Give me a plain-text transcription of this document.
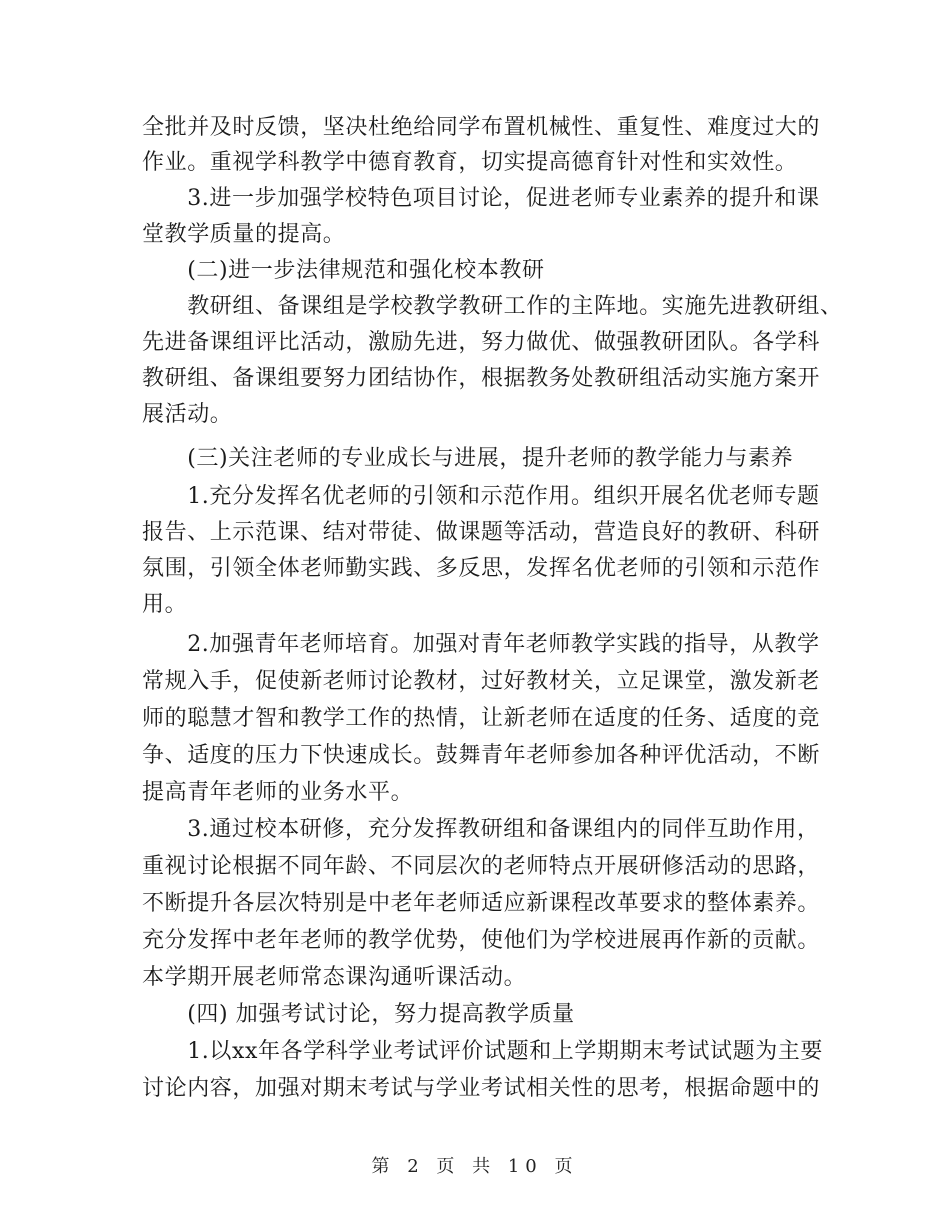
全批并及时反馈，坚决杜绝给同学布置机械性、重复性、难度过大的
作业。重视学科教学中德育教育，切实提高德育针对性和实效性。
　　3.进一步加强学校特色项目讨论，促进老师专业素养的提升和课
堂教学质量的提高。
　　(二)进一步法律规范和强化校本教研
　　教研组、备课组是学校教学教研工作的主阵地。实施先进教研组、
先进备课组评比活动，激励先进，努力做优、做强教研团队。各学科
教研组、备课组要努力团结协作，根据教务处教研组活动实施方案开
展活动。
　　(三)关注老师的专业成长与进展，提升老师的教学能力与素养
　　1.充分发挥名优老师的引领和示范作用。组织开展名优老师专题
报告、上示范课、结对带徒、做课题等活动，营造良好的教研、科研
氛围，引领全体老师勤实践、多反思，发挥名优老师的引领和示范作
用。
　　2.加强青年老师培育。加强对青年老师教学实践的指导，从教学
常规入手，促使新老师讨论教材，过好教材关，立足课堂，激发新老
师的聪慧才智和教学工作的热情，让新老师在适度的任务、适度的竞
争、适度的压力下快速成长。鼓舞青年老师参加各种评优活动，不断
提高青年老师的业务水平。
　　3.通过校本研修，充分发挥教研组和备课组内的同伴互助作用，
重视讨论根据不同年龄、不同层次的老师特点开展研修活动的思路，
不断提升各层次特别是中老年老师适应新课程改革要求的整体素养。
充分发挥中老年老师的教学优势，使他们为学校进展再作新的贡献。
本学期开展老师常态课沟通听课活动。
　　(四) 加强考试讨论，努力提高教学质量
　　1.以xx年各学科学业考试评价试题和上学期期末考试试题为主要
讨论内容，加强对期末考试与学业考试相关性的思考，根据命题中的
第 2 页 共 10 页
